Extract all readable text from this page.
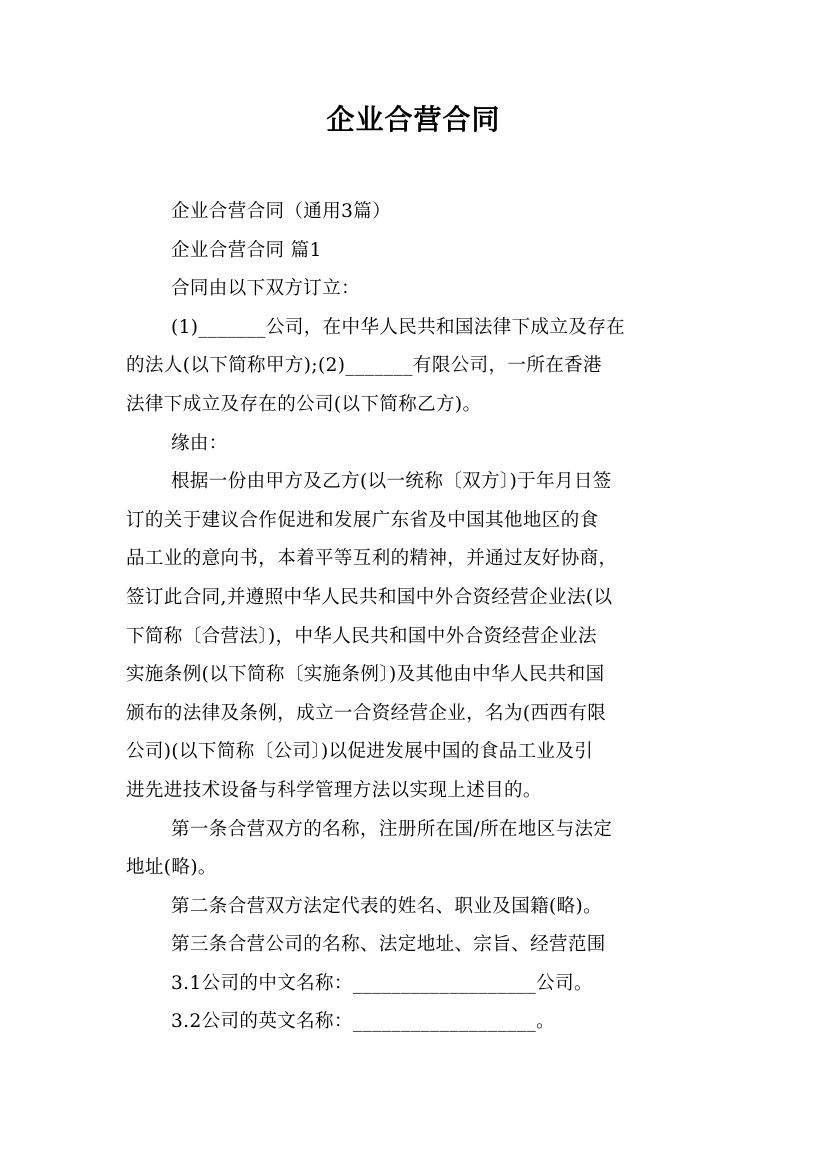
企业合营合同

企业合营合同（通用3篇）

企业合营合同 篇1

合同由以下双方订立：

(1)_______公司，在中华人民共和国法律下成立及存在

的法人(以下简称甲方);(2)_______有限公司，一所在香港

法律下成立及存在的公司(以下简称乙方)。

缘由：

根据一份由甲方及乙方(以一统称〔双方〕)于年月日签

订的关于建议合作促进和发展广东省及中国其他地区的食

品工业的意向书，本着平等互利的精神，并通过友好协商，

签订此合同,并遵照中华人民共和国中外合资经营企业法(以

下简称〔合营法〕)，中华人民共和国中外合资经营企业法

实施条例(以下简称〔实施条例〕)及其他由中华人民共和国

颁布的法律及条例，成立一合资经营企业，名为(西西有限

公司)(以下简称〔公司〕)以促进发展中国的食品工业及引

进先进技术设备与科学管理方法以实现上述目的。

第一条合营双方的名称，注册所在国/所在地区与法定

地址(略)。

第二条合营双方法定代表的姓名、职业及国籍(略)。

第三条合营公司的名称、法定地址、宗旨、经营范围

3.1公司的中文名称：___________________公司。

3.2公司的英文名称：___________________。
